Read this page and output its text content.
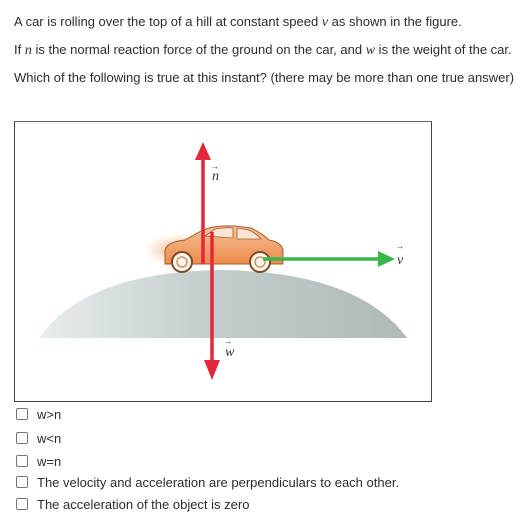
A car is rolling over the top of a hill at constant speed v as shown in the figure.
If n is the normal reaction force of the ground on the car, and w is the weight of the car.
Which of the following is true at this instant? (there may be more than one true answer)
v
→
n
→
w
→
w>n
w<n
w=n
The velocity and acceleration are perpendiculars to each other.
The acceleration of the object is zero
